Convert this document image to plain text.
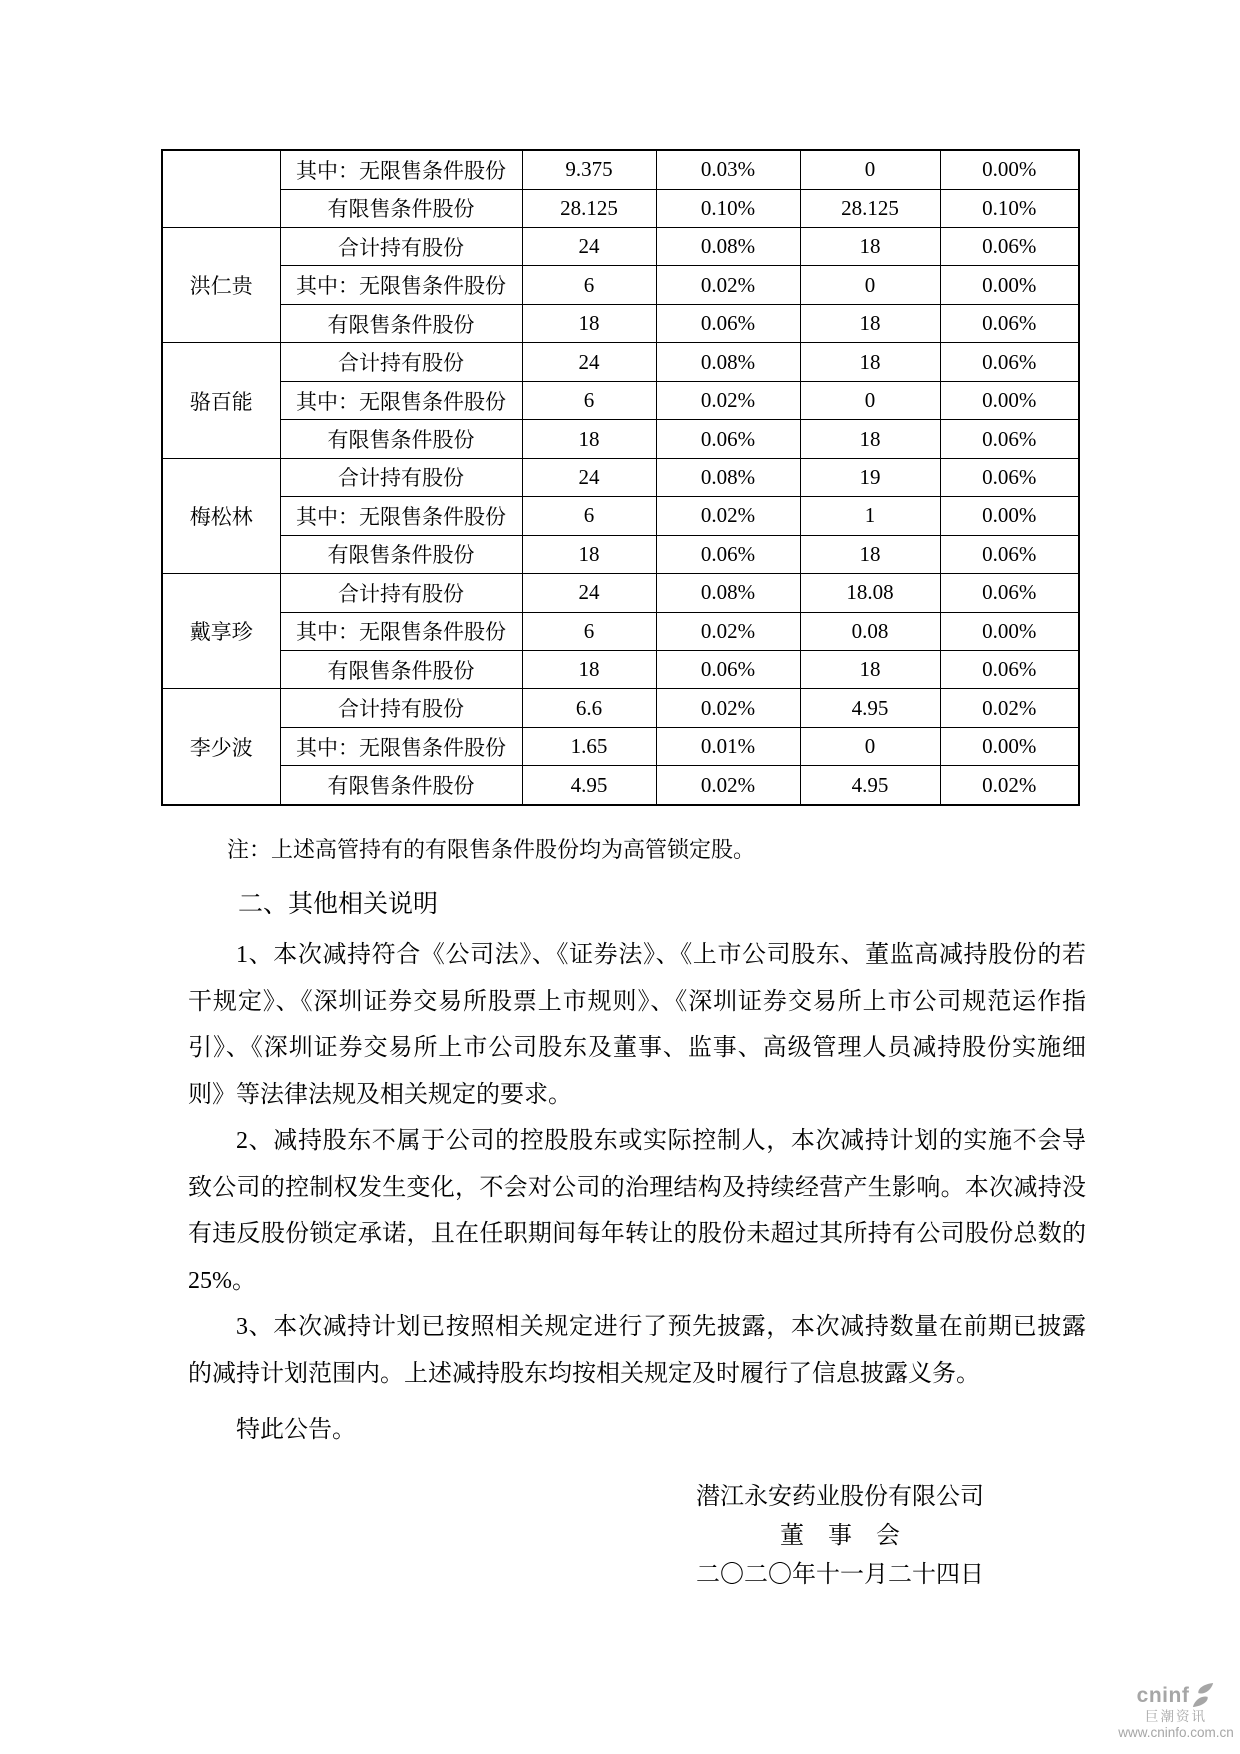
	其中：无限售条件股份	9.375	0.03%	0	0.00%
	有限售条件股份	28.125	0.10%	28.125	0.10%
洪仁贵	合计持有股份	24	0.08%	18	0.06%
	其中：无限售条件股份	6	0.02%	0	0.00%
	有限售条件股份	18	0.06%	18	0.06%
骆百能	合计持有股份	24	0.08%	18	0.06%
	其中：无限售条件股份	6	0.02%	0	0.00%
	有限售条件股份	18	0.06%	18	0.06%
梅松林	合计持有股份	24	0.08%	19	0.06%
	其中：无限售条件股份	6	0.02%	1	0.00%
	有限售条件股份	18	0.06%	18	0.06%
戴享珍	合计持有股份	24	0.08%	18.08	0.06%
	其中：无限售条件股份	6	0.02%	0.08	0.00%
	有限售条件股份	18	0.06%	18	0.06%
李少波	合计持有股份	6.6	0.02%	4.95	0.02%
	其中：无限售条件股份	1.65	0.01%	0	0.00%
	有限售条件股份	4.95	0.02%	4.95	0.02%
注：上述高管持有的有限售条件股份均为高管锁定股。
二、其他相关说明

1、本次减持符合《公司法》、《证券法》、《上市公司股东、董监高减持股份的若干规定》、《深圳证券交易所股票上市规则》、《深圳证券交易所上市公司规范运作指引》、《深圳证券交易所上市公司股东及董事、监事、高级管理人员减持股份实施细则》等法律法规及相关规定的要求。

2、减持股东不属于公司的控股股东或实际控制人，本次减持计划的实施不会导致公司的控制权发生变化，不会对公司的治理结构及持续经营产生影响。本次减持没有违反股份锁定承诺，且在任职期间每年转让的股份未超过其所持有公司股份总数的 25%。

3、本次减持计划已按照相关规定进行了预先披露，本次减持数量在前期已披露的减持计划范围内。上述减持股东均按相关规定及时履行了信息披露义务。

特此公告。
潜江永安药业股份有限公司
董　事　会
二〇二〇年十一月二十四日
cninf
巨潮资讯
www.cninfo.com.cn
